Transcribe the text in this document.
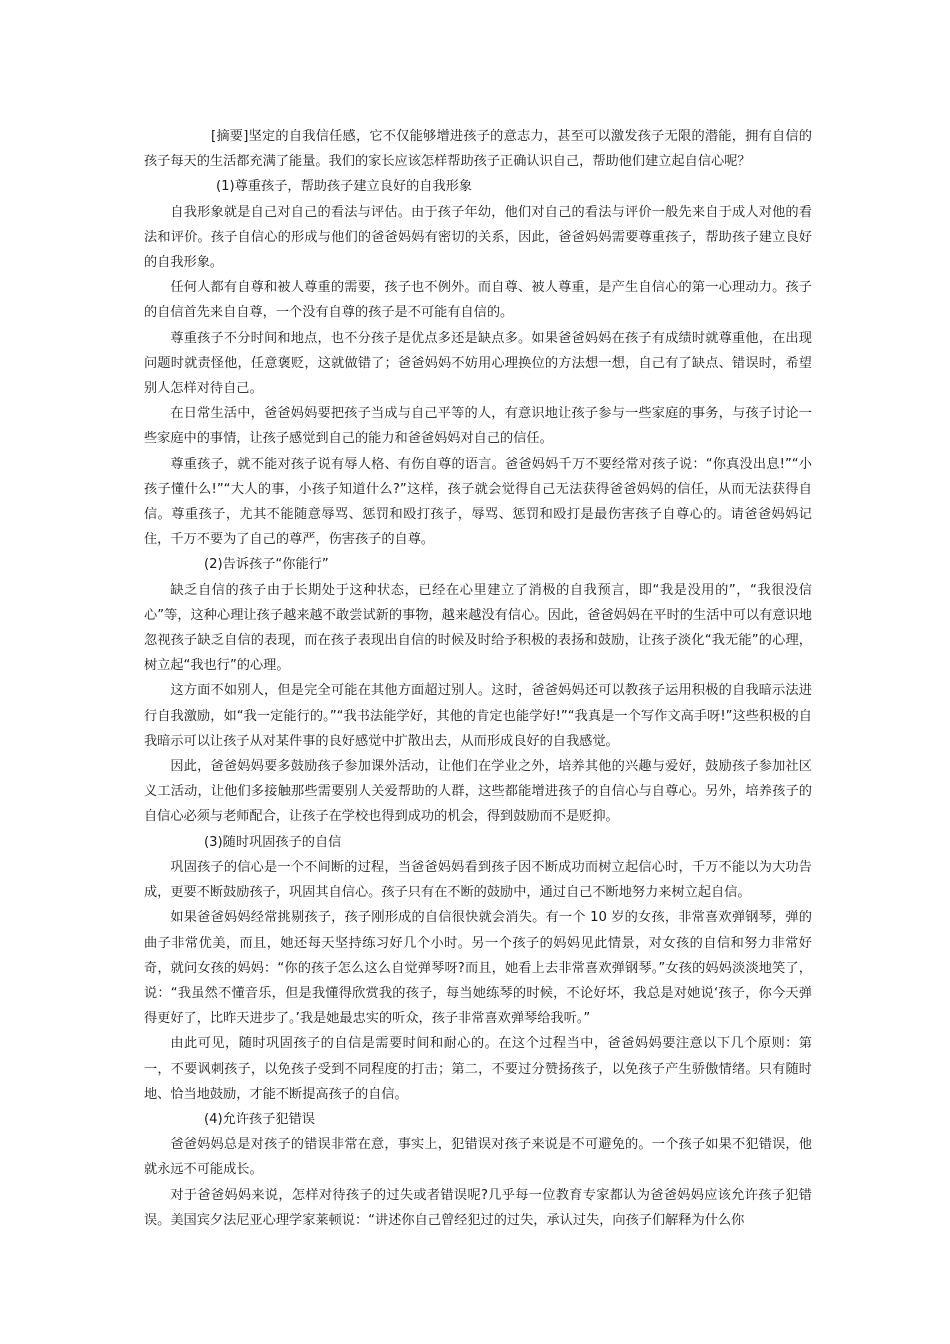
[摘要]坚定的自我信任感，它不仅能够增进孩子的意志力，甚至可以激发孩子无限的潜能，拥有自信的孩子每天的生活都充满了能量。我们的家长应该怎样帮助孩子正确认识自己，帮助他们建立起自信心呢？

(1)尊重孩子，帮助孩子建立良好的自我形象

自我形象就是自己对自己的看法与评估。由于孩子年幼，他们对自己的看法与评价一般先来自于成人对他的看法和评价。孩子自信心的形成与他们的爸爸妈妈有密切的关系，因此，爸爸妈妈需要尊重孩子，帮助孩子建立良好的自我形象。

任何人都有自尊和被人尊重的需要，孩子也不例外。而自尊、被人尊重，是产生自信心的第一心理动力。孩子的自信首先来自自尊，一个没有自尊的孩子是不可能有自信的。

尊重孩子不分时间和地点，也不分孩子是优点多还是缺点多。如果爸爸妈妈在孩子有成绩时就尊重他，在出现问题时就责怪他，任意褒贬，这就做错了；爸爸妈妈不妨用心理换位的方法想一想，自己有了缺点、错误时，希望别人怎样对待自己。

在日常生活中，爸爸妈妈要把孩子当成与自己平等的人，有意识地让孩子参与一些家庭的事务，与孩子讨论一些家庭中的事情，让孩子感觉到自己的能力和爸爸妈妈对自己的信任。

尊重孩子，就不能对孩子说有辱人格、有伤自尊的语言。爸爸妈妈千万不要经常对孩子说：“你真没出息!”“小孩子懂什么!”“大人的事，小孩子知道什么?”这样，孩子就会觉得自己无法获得爸爸妈妈的信任，从而无法获得自信。尊重孩子，尤其不能随意辱骂、惩罚和殴打孩子，辱骂、惩罚和殴打是最伤害孩子自尊心的。请爸爸妈妈记住，千万不要为了自己的尊严，伤害孩子的自尊。

(2)告诉孩子“你能行”

缺乏自信的孩子由于长期处于这种状态，已经在心里建立了消极的自我预言，即“我是没用的”，“我很没信心”等，这种心理让孩子越来越不敢尝试新的事物，越来越没有信心。因此，爸爸妈妈在平时的生活中可以有意识地忽视孩子缺乏自信的表现，而在孩子表现出自信的时候及时给予积极的表扬和鼓励，让孩子淡化“我无能”的心理，树立起“我也行”的心理。

这方面不如别人，但是完全可能在其他方面超过别人。这时，爸爸妈妈还可以教孩子运用积极的自我暗示法进行自我激励，如“我一定能行的。”“我书法能学好，其他的肯定也能学好!”“我真是一个写作文高手呀!”这些积极的自我暗示可以让孩子从对某件事的良好感觉中扩散出去，从而形成良好的自我感觉。

因此，爸爸妈妈要多鼓励孩子参加课外活动，让他们在学业之外，培养其他的兴趣与爱好，鼓励孩子参加社区义工活动，让他们多接触那些需要别人关爱帮助的人群，这些都能增进孩子的自信心与自尊心。另外，培养孩子的自信心必须与老师配合，让孩子在学校也得到成功的机会，得到鼓励而不是贬抑。

(3)随时巩固孩子的自信

巩固孩子的信心是一个不间断的过程，当爸爸妈妈看到孩子因不断成功而树立起信心时，千万不能以为大功告成，更要不断鼓励孩子，巩固其自信心。孩子只有在不断的鼓励中，通过自己不断地努力来树立起自信。

如果爸爸妈妈经常挑剔孩子，孩子刚形成的自信很快就会消失。有一个 10 岁的女孩，非常喜欢弹钢琴，弹的曲子非常优美，而且，她还每天坚持练习好几个小时。另一个孩子的妈妈见此情景，对女孩的自信和努力非常好奇，就问女孩的妈妈：“你的孩子怎么这么自觉弹琴呀?而且，她看上去非常喜欢弹钢琴。”女孩的妈妈淡淡地笑了，说：“我虽然不懂音乐，但是我懂得欣赏我的孩子，每当她练琴的时候，不论好坏，我总是对她说‘孩子，你今天弹得更好了，比昨天进步了。’我是她最忠实的听众，孩子非常喜欢弹琴给我听。”

由此可见，随时巩固孩子的自信是需要时间和耐心的。在这个过程当中，爸爸妈妈要注意以下几个原则：第一，不要讽刺孩子，以免孩子受到不同程度的打击；第二，不要过分赞扬孩子，以免孩子产生骄傲情绪。只有随时地、恰当地鼓励，才能不断提高孩子的自信。

(4)允许孩子犯错误

爸爸妈妈总是对孩子的错误非常在意，事实上，犯错误对孩子来说是不可避免的。一个孩子如果不犯错误，他就永远不可能成长。

对于爸爸妈妈来说，怎样对待孩子的过失或者错误呢?几乎每一位教育专家都认为爸爸妈妈应该允许孩子犯错误。美国宾夕法尼亚心理学家莱顿说：“讲述你自己曾经犯过的过失，承认过失，向孩子们解释为什么你
